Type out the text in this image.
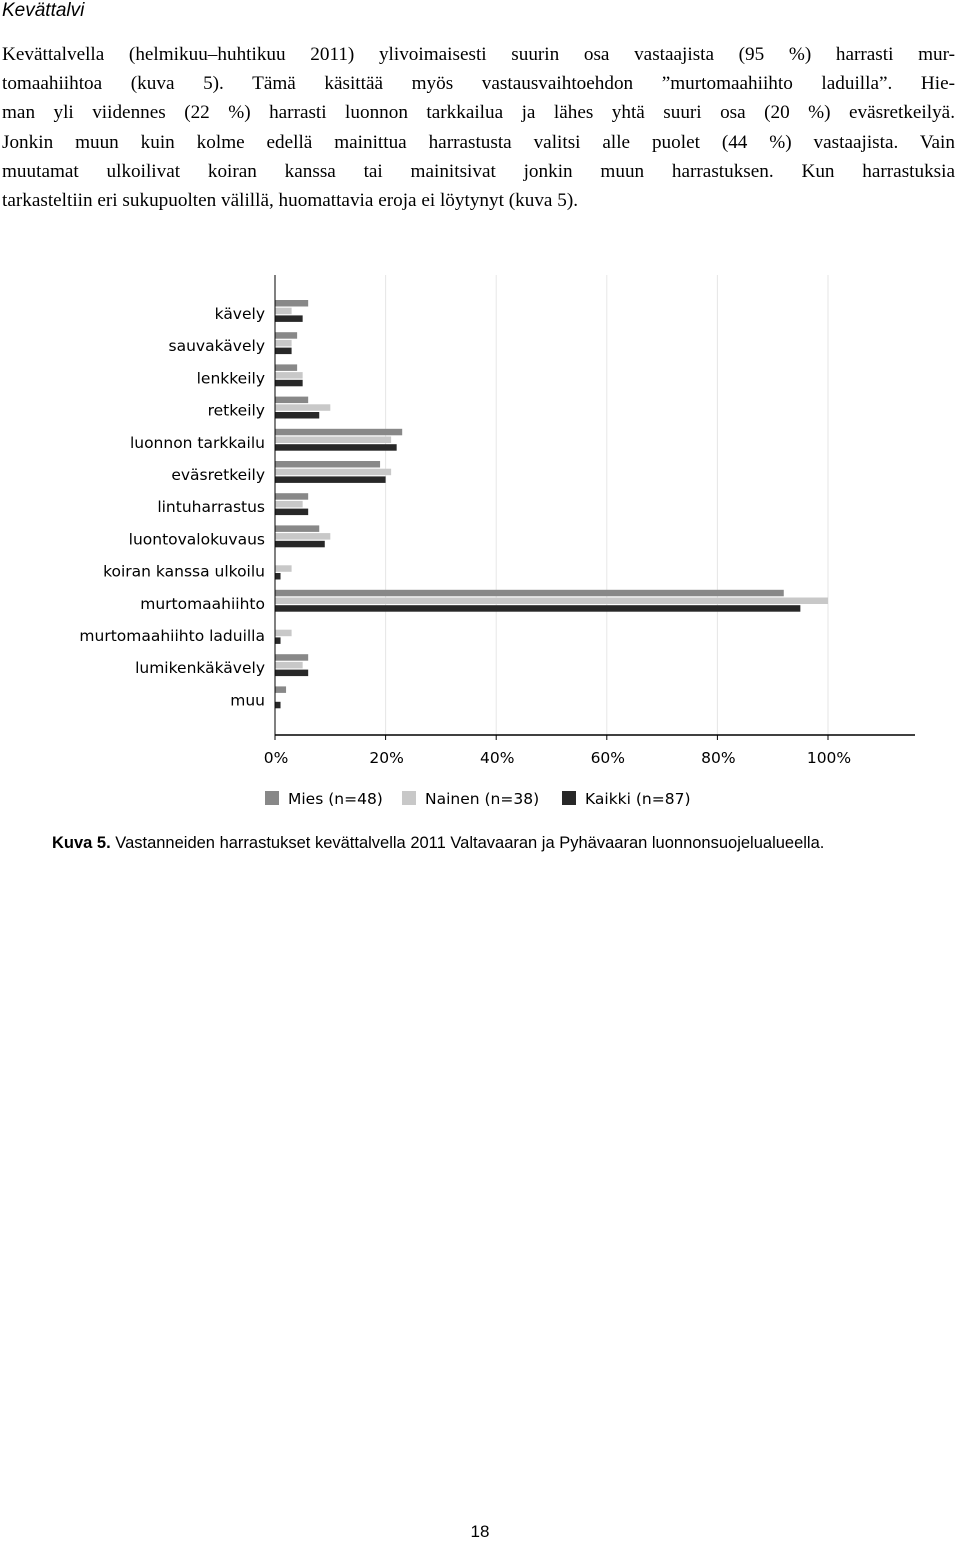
Kevättalvi
Kevättalvella (helmikuu–huhtikuu 2011) ylivoimaisesti suurin osa vastaajista (95 %) harrasti mur-
tomaahiihtoa (kuva 5). Tämä käsittää myös vastausvaihtoehdon ”murtomaahiihto laduilla”. Hie-
man yli viidennes (22 %) harrasti luonnon tarkkailua ja lähes yhtä suuri osa (20 %) eväsretkeilyä.
Jonkin muun kuin kolme edellä mainittua harrastusta valitsi alle puolet (44 %) vastaajista. Vain
muutamat ulkoilivat koiran kanssa tai mainitsivat jonkin muun harrastuksen. Kun harrastuksia
tarkasteltiin eri sukupuolten välillä, huomattavia eroja ei löytynyt (kuva 5).
kävely
sauvakävely
lenkkeily
retkeily
luonnon tarkkailu
eväsretkeily
lintuharrastus
luontovalokuvaus
koiran kanssa ulkoilu
murtomaahiihto
murtomaahiihto laduilla
lumikenkäkävely
muu
0%	20%	40%	60%	80%	100%
Mies (n=48)	Nainen (n=38)	Kaikki (n=87)
Kuva 5. Vastanneiden harrastukset kevättalvella 2011 Valtavaaran ja Pyhävaaran luonnonsuojelualueella.
18
